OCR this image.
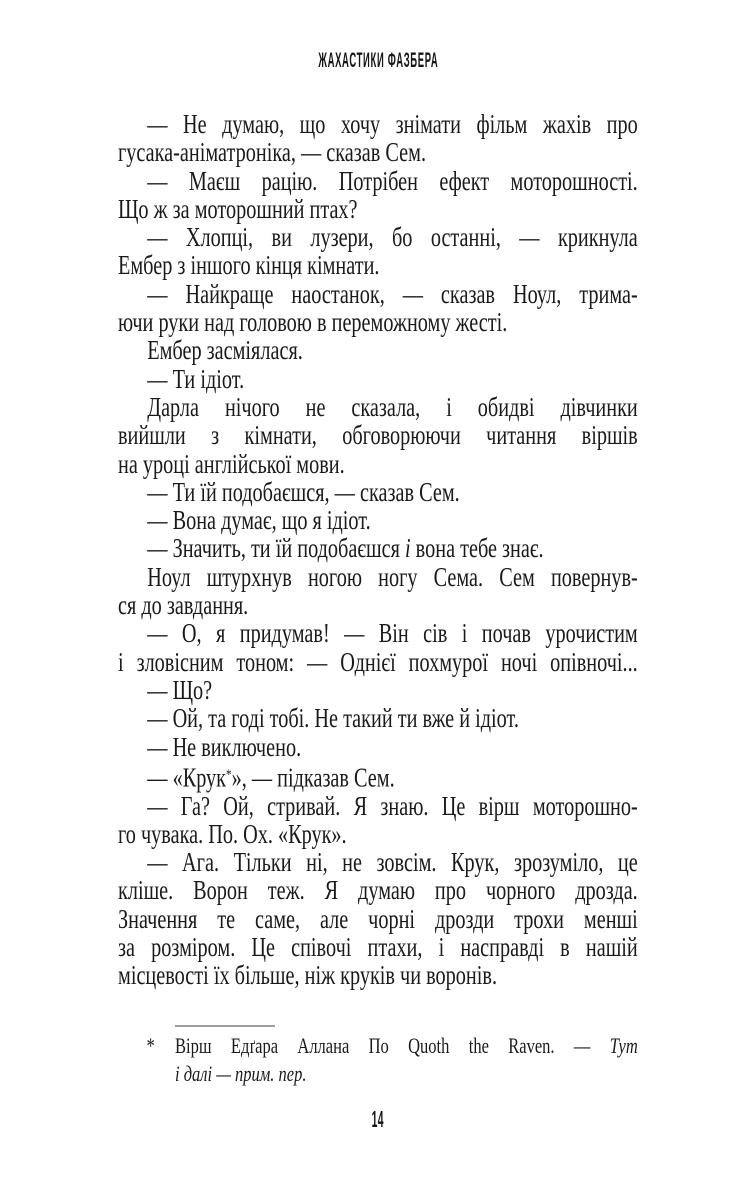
ЖАХАСТИКИ ФАЗБЕРА
— Не думаю, що хочу знімати фільм жахів про
гусака-аніматроніка, — сказав Сем.
— Маєш рацію. Потрібен ефект моторошності.
Що ж за моторошний птах?
— Хлопці, ви лузери, бо останні, — крикнула
Ембер з іншого кінця кімнати.
— Найкраще наостанок, — сказав Ноул, трима-
ючи руки над головою в переможному жесті.
Ембер засміялася.
— Ти ідіот.
Дарла нічого не сказала, і обидві дівчинки
вийшли з кімнати, обговорюючи читання віршів
на уроці англійської мови.
— Ти їй подобаєшся, — сказав Сем.
— Вона думає, що я ідіот.
— Значить, ти їй подобаєшся і вона тебе знає.
Ноул штурхнув ногою ногу Сема. Сем повернув-
ся до завдання.
— О, я придумав! — Він сів і почав урочистим
і зловісним тоном: — Однієї похмурої ночі опівночі...
— Що?
— Ой, та годі тобі. Не такий ти вже й ідіот.
— Не виключено.
— «Крук*», — підказав Сем.
— Га? Ой, стривай. Я знаю. Це вірш моторошно-
го чувака. По. Ох. «Крук».
— Ага. Тільки ні, не зовсім. Крук, зрозуміло, це
кліше. Ворон теж. Я думаю про чорного дрозда.
Значення те саме, але чорні дрозди трохи менші
за розміром. Це співочі птахи, і насправді в нашій
місцевості їх більше, ніж круків чи воронів.
* Вірш Едґара Аллана По Quoth the Raven. — Тут
і далі — прим. пер.
14
